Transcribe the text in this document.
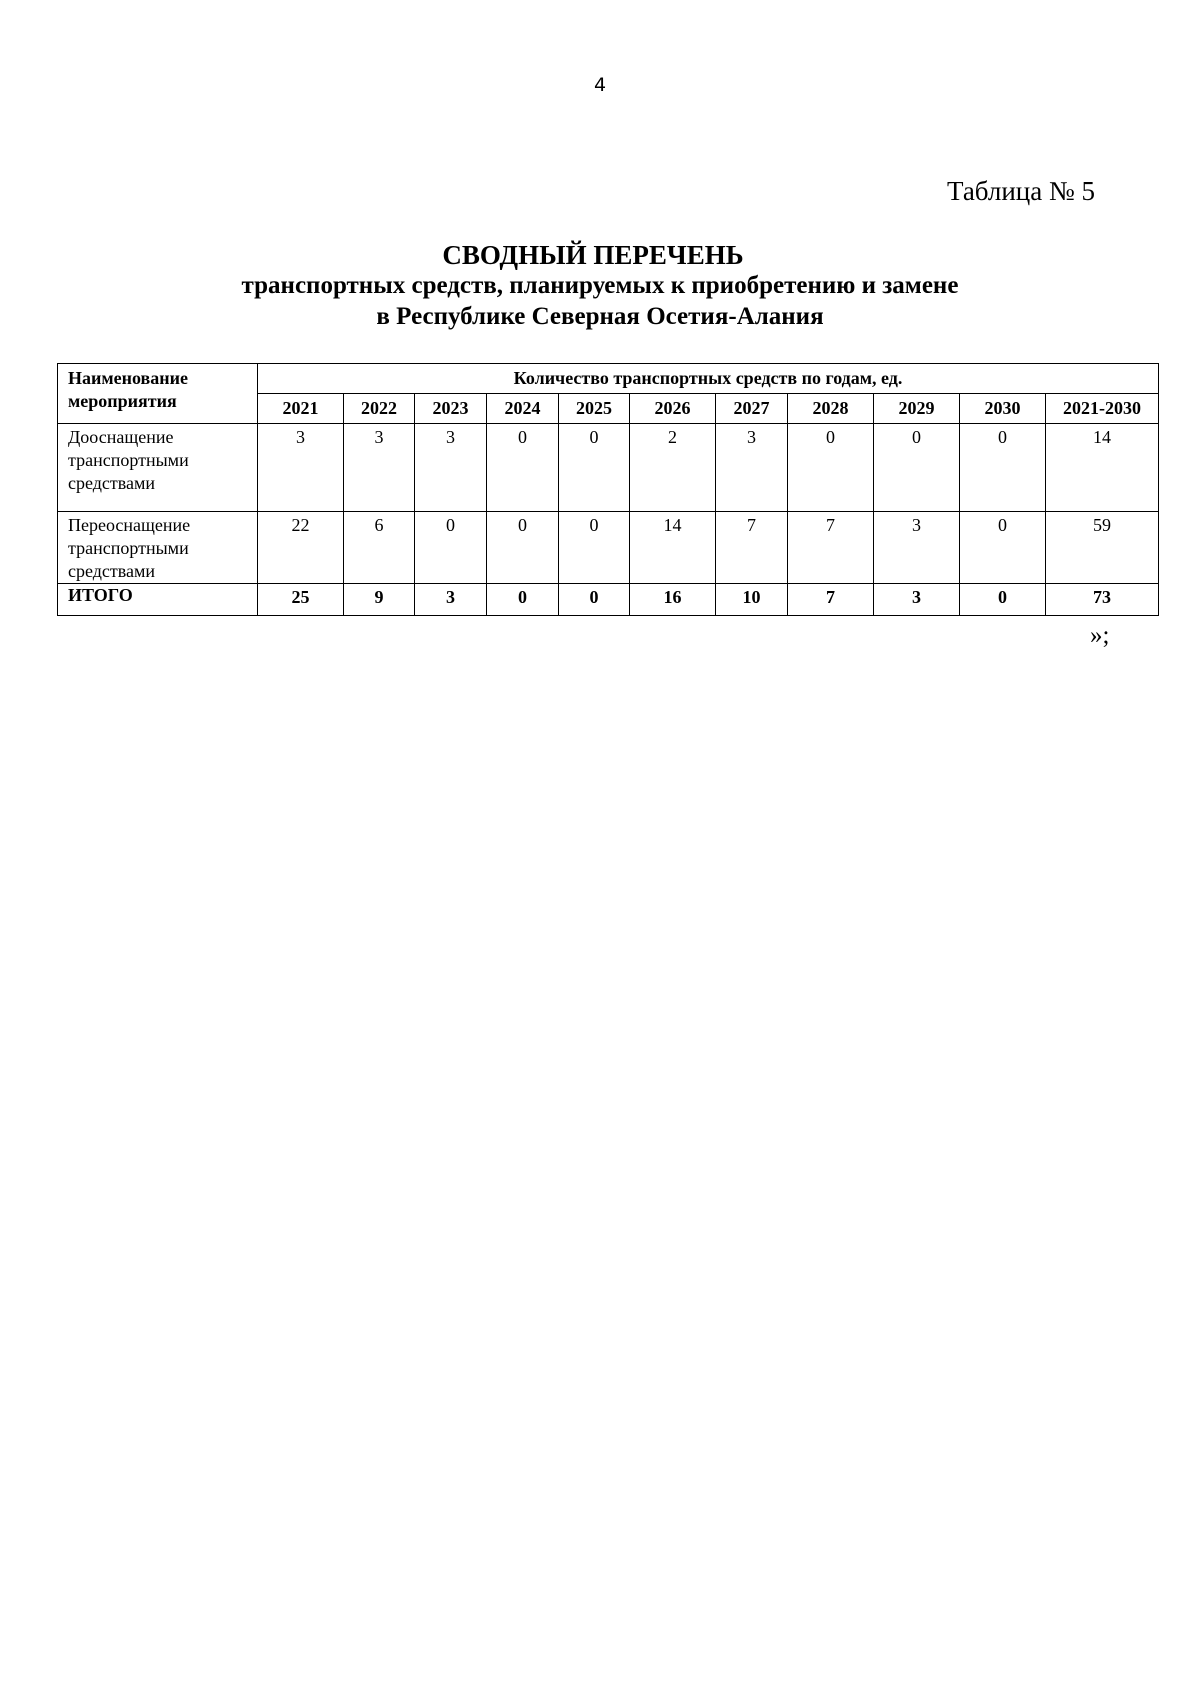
4
Таблица № 5
СВОДНЫЙ ПЕРЕЧЕНЬ
транспортных средств, планируемых к приобретению и замене
в Республике Северная Осетия-Алания
Наименование мероприятия	Количество транспортных средств по годам, ед.										
	2021	2022	2023	2024	2025	2026	2027	2028	2029	2030	2021-2030
Дооснащение транспортными средствами	3	3	3	0	0	2	3	0	0	0	14
Переоснащение транспортными средствами	22	6	0	0	0	14	7	7	3	0	59
ИТОГО	25	9	3	0	0	16	10	7	3	0	73
»;
